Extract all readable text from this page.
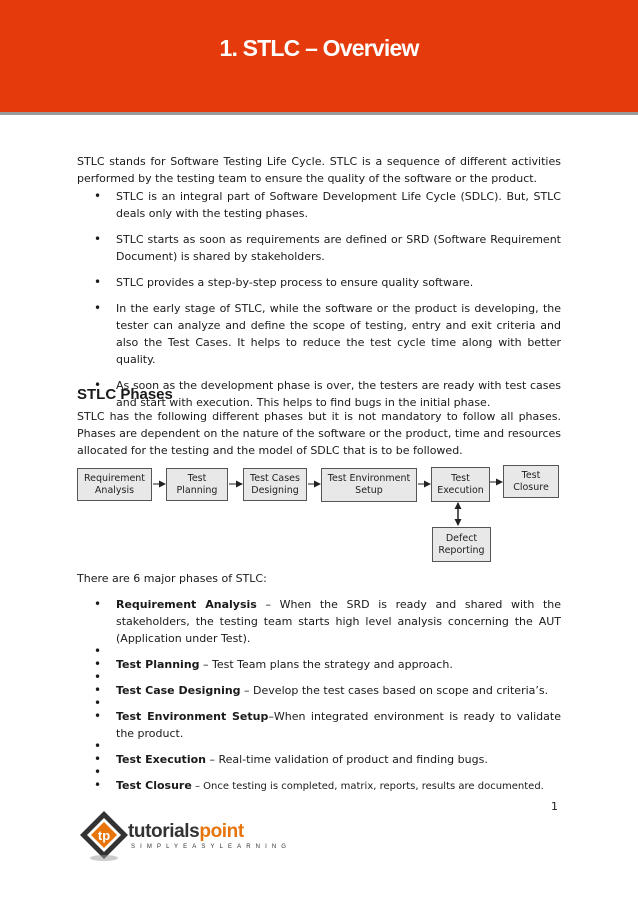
1. STLC – Overview

STLC stands for Software Testing Life Cycle. STLC is a sequence of different activities performed by the testing team to ensure the quality of the software or the product.

• STLC is an integral part of Software Development Life Cycle (SDLC). But, STLC deals only with the testing phases.
• STLC starts as soon as requirements are defined or SRD (Software Requirement Document) is shared by stakeholders.
• STLC provides a step-by-step process to ensure quality software.
• In the early stage of STLC, while the software or the product is developing, the tester can analyze and define the scope of testing, entry and exit criteria and also the Test Cases. It helps to reduce the test cycle time along with better quality.
• As soon as the development phase is over, the testers are ready with test cases and start with execution. This helps to find bugs in the initial phase.
STLC Phases

STLC has the following different phases but it is not mandatory to follow all phases. Phases are dependent on the nature of the software or the product, time and resources allocated for the testing and the model of SDLC that is to be followed.

Requirement Analysis
Test Planning
Test Cases Designing
Test Environment Setup
Test Execution
Test Closure
Defect Reporting

There are 6 major phases of STLC:

• Requirement Analysis – When the SRD is ready and shared with the stakeholders, the testing team starts high level analysis concerning the AUT (Application under Test).
•
• Test Planning – Test Team plans the strategy and approach.
•
• Test Case Designing – Develop the test cases based on scope and criteria’s.
•
• Test Environment Setup–When integrated environment is ready to validate the product.
•
• Test Execution – Real-time validation of product and finding bugs.
•
• Test Closure – Once testing is completed, matrix, reports, results are documented.

1

tp tutorialspoint
SIMPLYEASYLEARNING
